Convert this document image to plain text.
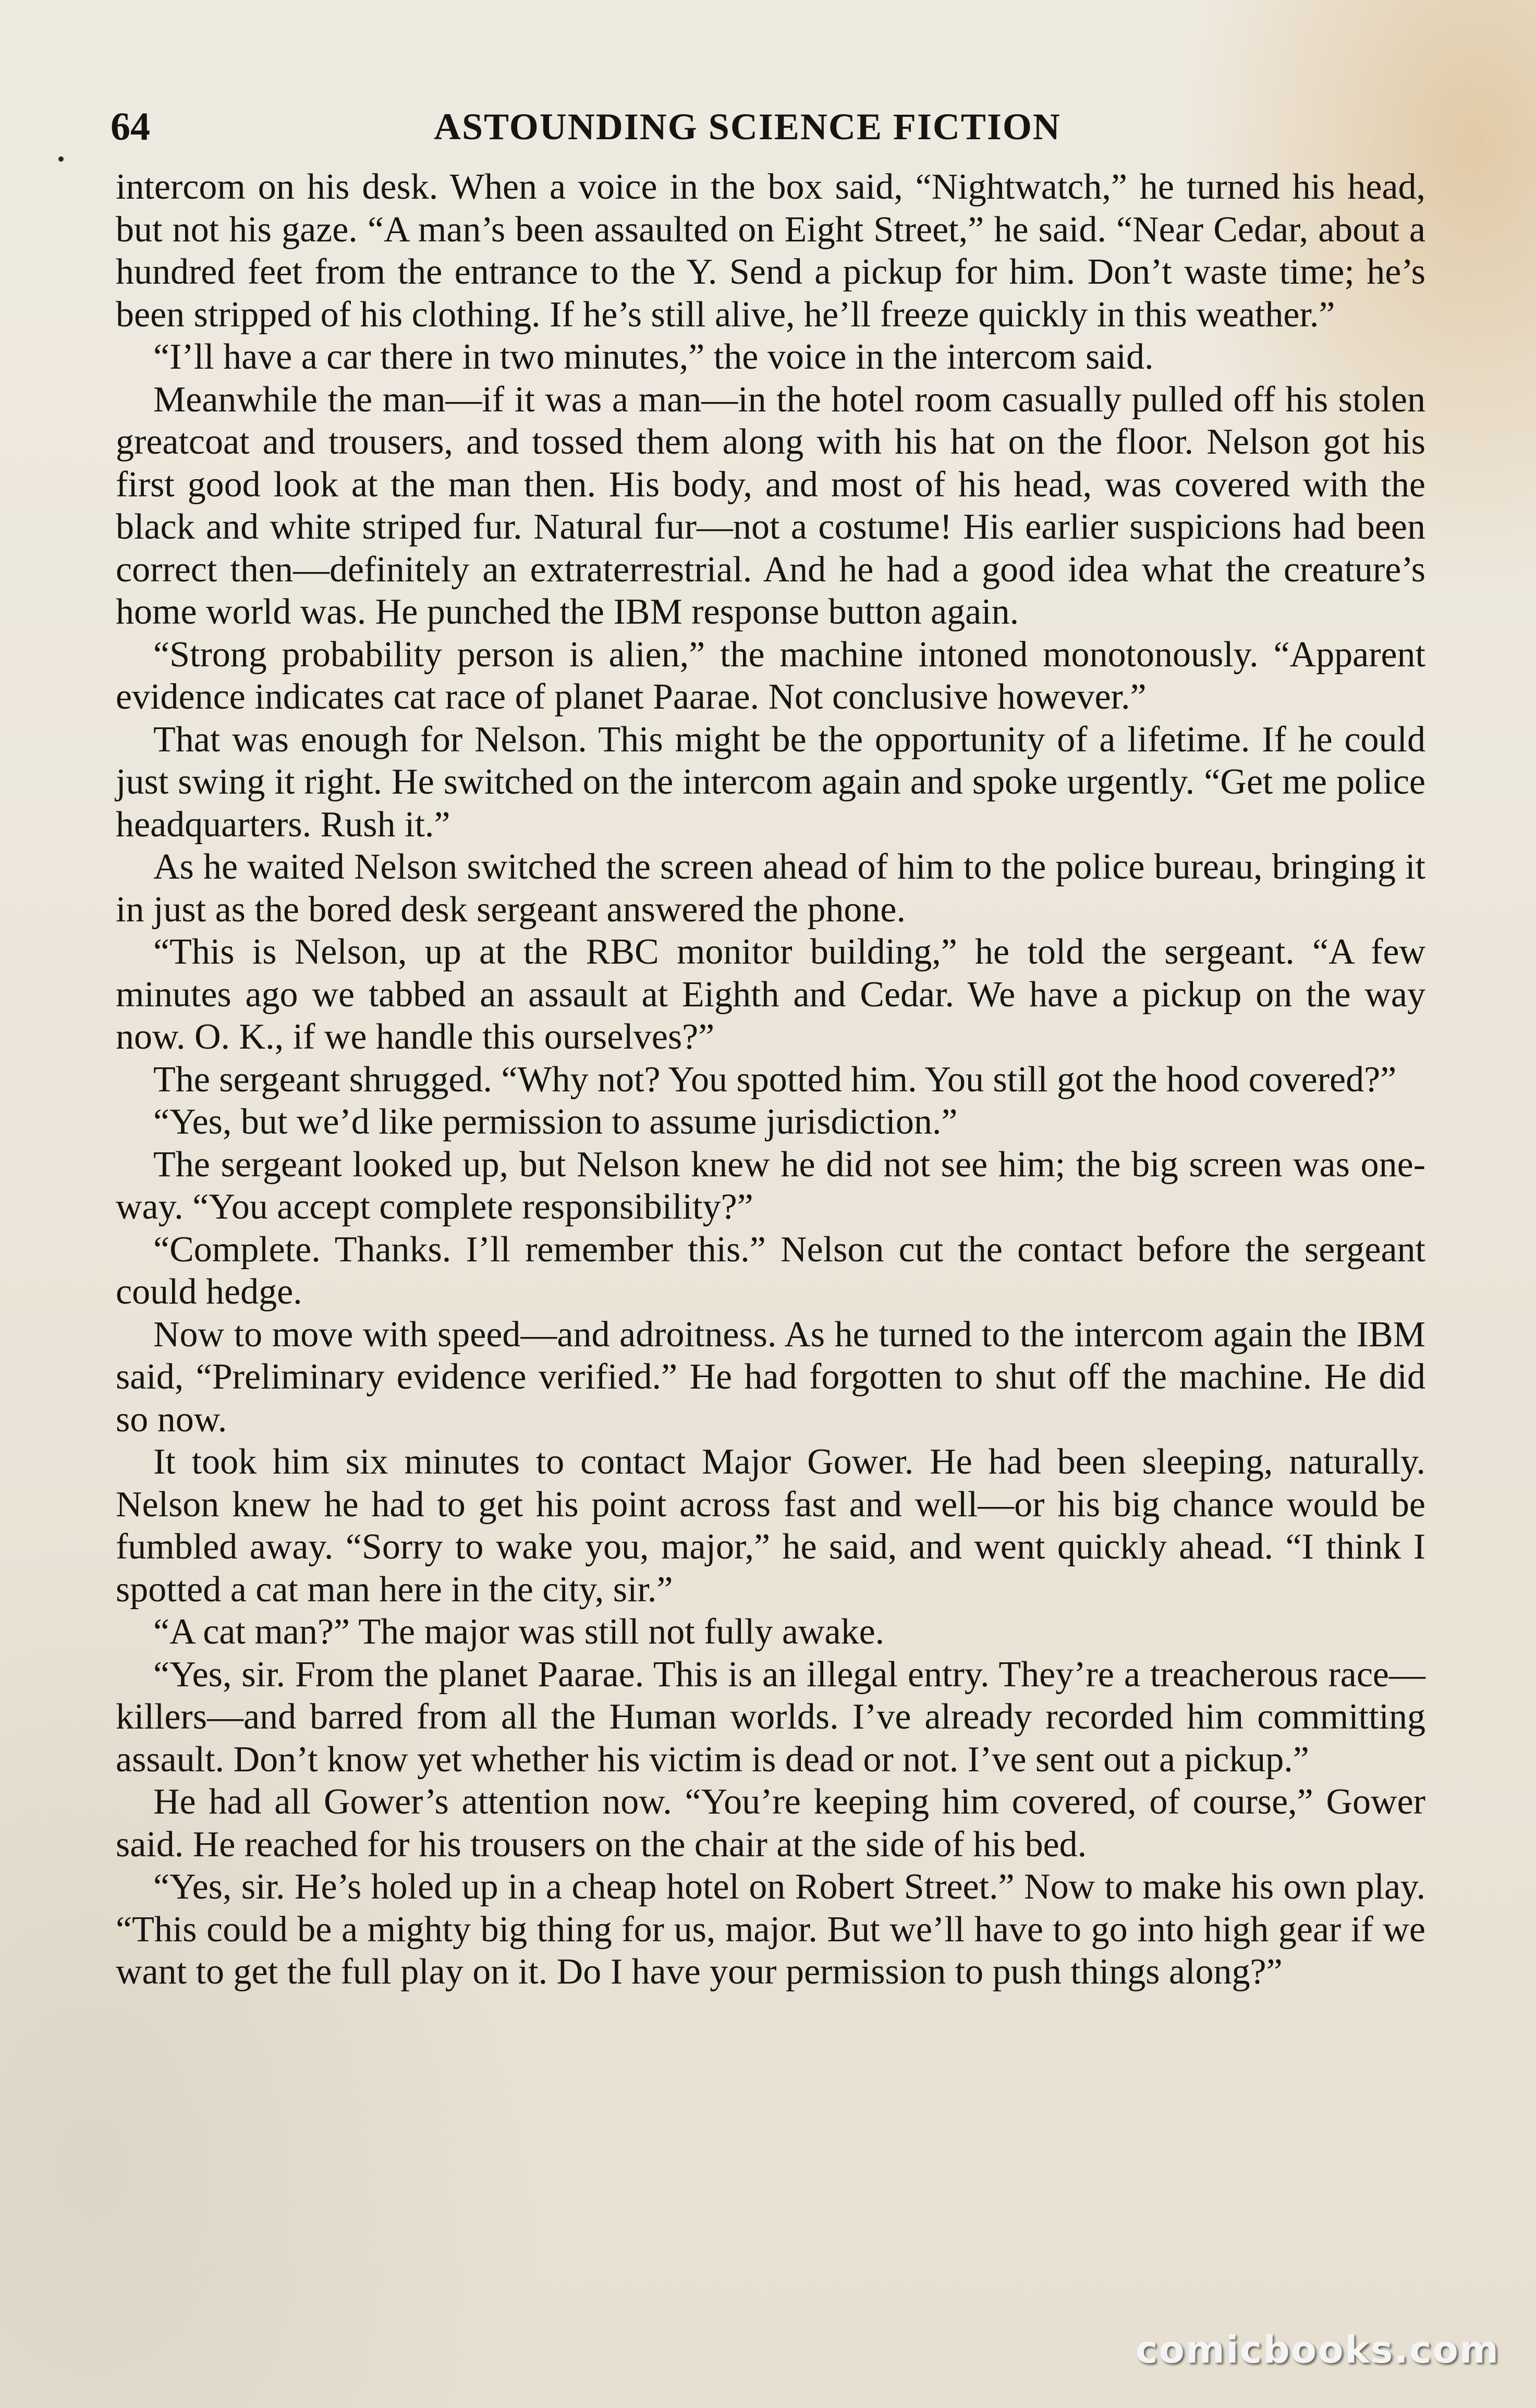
64	ASTOUNDING SCIENCE FICTION

intercom on his desk. When a voice in the box said, “Nightwatch,” he turned his head, but not his gaze. “A man’s been assaulted on Eight Street,” he said. “Near Cedar, about a hundred feet from the entrance to the Y. Send a pickup for him. Don’t waste time; he’s been stripped of his clothing. If he’s still alive, he’ll freeze quickly in this weather.”

“I’ll have a car there in two minutes,” the voice in the intercom said.

Meanwhile the man—if it was a man—in the hotel room casually pulled off his stolen greatcoat and trousers, and tossed them along with his hat on the floor. Nelson got his first good look at the man then. His body, and most of his head, was covered with the black and white striped fur. Natural fur—not a costume! His earlier suspicions had been correct then—definitely an extraterrestrial. And he had a good idea what the creature’s home world was. He punched the IBM response button again.

“Strong probability person is alien,” the machine intoned monotonously. “Apparent evidence indicates cat race of planet Paarae. Not conclusive however.”

That was enough for Nelson. This might be the opportunity of a lifetime. If he could just swing it right. He switched on the intercom again and spoke urgently. “Get me police headquarters. Rush it.”

As he waited Nelson switched the screen ahead of him to the police bureau, bringing it in just as the bored desk sergeant answered the phone.

“This is Nelson, up at the RBC monitor building,” he told the sergeant. “A few minutes ago we tabbed an assault at Eighth and Cedar. We have a pickup on the way now. O. K., if we handle this ourselves?”

The sergeant shrugged. “Why not? You spotted him. You still got the hood covered?”

“Yes, but we’d like permission to assume jurisdiction.”

The sergeant looked up, but Nelson knew he did not see him; the big screen was one-way. “You accept complete responsibility?”

“Complete. Thanks. I’ll remember this.” Nelson cut the contact before the sergeant could hedge.

Now to move with speed—and adroitness. As he turned to the intercom again the IBM said, “Preliminary evidence verified.” He had forgotten to shut off the machine. He did so now.

It took him six minutes to contact Major Gower. He had been sleeping, naturally. Nelson knew he had to get his point across fast and well—or his big chance would be fumbled away. “Sorry to wake you, major,” he said, and went quickly ahead. “I think I spotted a cat man here in the city, sir.”

“A cat man?” The major was still not fully awake.

“Yes, sir. From the planet Paarae. This is an illegal entry. They’re a treacherous race—killers—and barred from all the Human worlds. I’ve already recorded him committing assault. Don’t know yet whether his victim is dead or not. I’ve sent out a pickup.”

He had all Gower’s attention now. “You’re keeping him covered, of course,” Gower said. He reached for his trousers on the chair at the side of his bed.

“Yes, sir. He’s holed up in a cheap hotel on Robert Street.” Now to make his own play. “This could be a mighty big thing for us, major. But we’ll have to go into high gear if we want to get the full play on it. Do I have your permission to push things along?”

comicbooks.com
